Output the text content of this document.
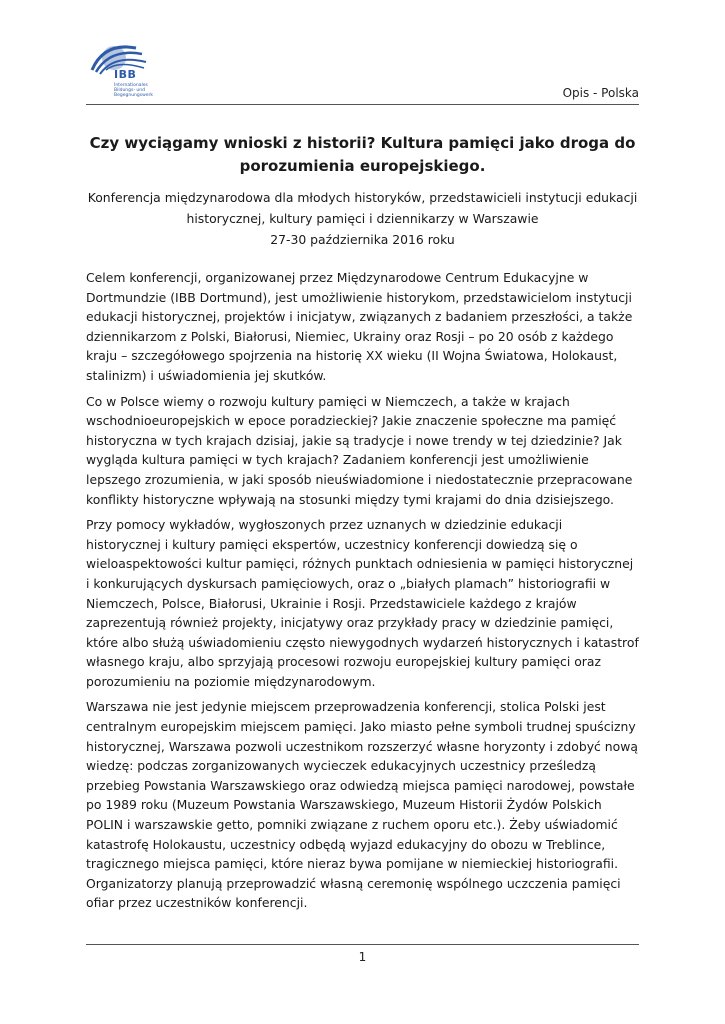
IBB
Internationales Bildungs- und Begegnungswerk	Opis - Polska
Czy wyciągamy wnioski z historii? Kultura pamięci jako droga do porozumienia europejskiego.
Konferencja międzynarodowa dla młodych historyków, przedstawicieli instytucji edukacji
historycznej, kultury pamięci i dziennikarzy w Warszawie
27-30 października 2016 roku

Celem konferencji, organizowanej przez Międzynarodowe Centrum Edukacyjne w Dortmundzie (IBB Dortmund), jest umożliwienie historykom, przedstawicielom instytucji edukacji historycznej, projektów i inicjatyw, związanych z badaniem przeszłości, a także dziennikarzom z Polski, Białorusi, Niemiec, Ukrainy oraz Rosji – po 20 osób z każdego kraju – szczegółowego spojrzenia na historię XX wieku (II Wojna Światowa, Holokaust, stalinizm) i uświadomienia jej skutków.

Co w Polsce wiemy o rozwoju kultury pamięci w Niemczech, a także w krajach wschodnioeuropejskich w epoce poradzieckiej? Jakie znaczenie społeczne ma pamięć historyczna w tych krajach dzisiaj, jakie są tradycje i nowe trendy w tej dziedzinie? Jak wygląda kultura pamięci w tych krajach? Zadaniem konferencji jest umożliwienie lepszego zrozumienia, w jaki sposób nieuświadomione i niedostatecznie przepracowane konflikty historyczne wpływają na stosunki między tymi krajami do dnia dzisiejszego.

Przy pomocy wykładów, wygłoszonych przez uznanych w dziedzinie edukacji historycznej i kultury pamięci ekspertów, uczestnicy konferencji dowiedzą się o wieloaspektowości kultur pamięci, różnych punktach odniesienia w pamięci historycznej i konkurujących dyskursach pamięciowych, oraz o „białych plamach” historiografii w Niemczech, Polsce, Białorusi, Ukrainie i Rosji. Przedstawiciele każdego z krajów zaprezentują również projekty, inicjatywy oraz przykłady pracy w dziedzinie pamięci, które albo służą uświadomieniu często niewygodnych wydarzeń historycznych i katastrof własnego kraju, albo sprzyjają procesowi rozwoju europejskiej kultury pamięci oraz porozumieniu na poziomie międzynarodowym.

Warszawa nie jest jedynie miejscem przeprowadzenia konferencji, stolica Polski jest centralnym europejskim miejscem pamięci. Jako miasto pełne symboli trudnej spuścizny historycznej, Warszawa pozwoli uczestnikom rozszerzyć własne horyzonty i zdobyć nową wiedzę: podczas zorganizowanych wycieczek edukacyjnych uczestnicy prześledzą przebieg Powstania Warszawskiego oraz odwiedzą miejsca pamięci narodowej, powstałe po 1989 roku (Muzeum Powstania Warszawskiego, Muzeum Historii Żydów Polskich POLIN i warszawskie getto, pomniki związane z ruchem oporu etc.). Żeby uświadomić katastrofę Holokaustu, uczestnicy odbędą wyjazd edukacyjny do obozu w Treblince, tragicznego miejsca pamięci, które nieraz bywa pomijane w niemieckiej historiografii. Organizatorzy planują przeprowadzić własną ceremonię wspólnego uczczenia pamięci ofiar przez uczestników konferencji.

1
